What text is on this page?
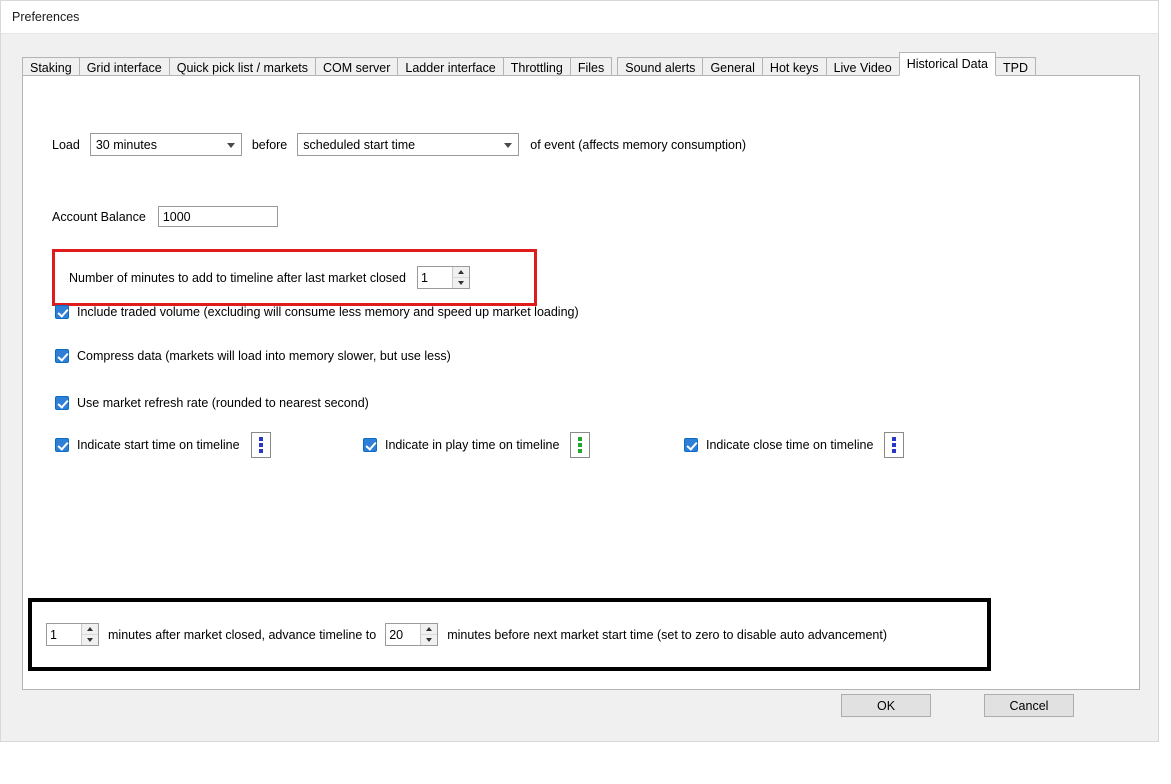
Preferences
Staking	Grid interface	Quick pick list / markets	COM server	Ladder interface	Throttling	Files	Sound alerts	General	Hot keys	Live Video	Historical Data	TPD
Load
30 minutes	before
scheduled start time	of event (affects memory consumption)
Account Balance
1000
Number of minutes to add to timeline after last market closed
1
Include traded volume (excluding will consume less memory and speed up market loading)
Compress data (markets will load into memory slower, but use less)
Use market refresh rate (rounded to nearest second)
Indicate start time on timeline	Indicate in play time on timeline	Indicate close time on timeline
1
minutes after market closed, advance timeline to
20	minutes before next market start time (set to zero to disable auto advancement)
OK	Cancel
